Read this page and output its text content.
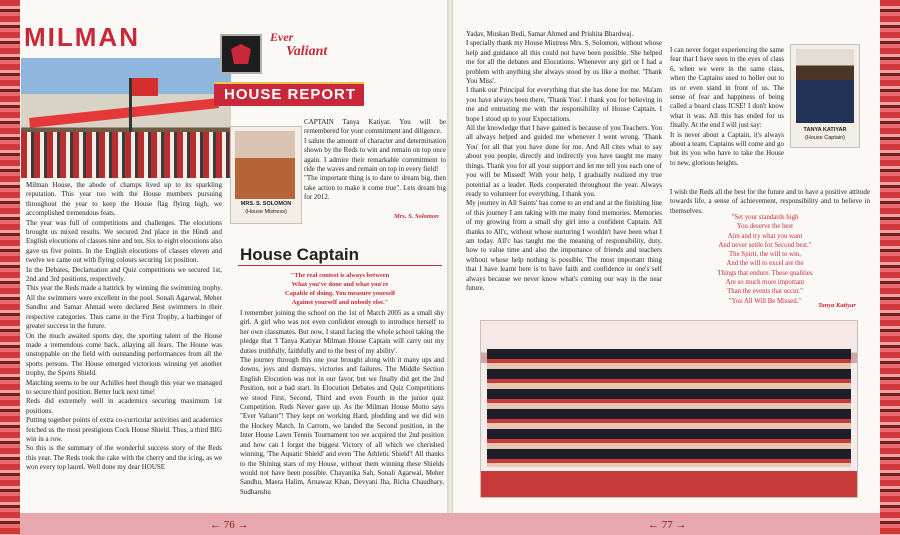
MILMAN	Ever
Valiant
HOUSE REPORT

Milman House, the abode of champs lived up to its sparkling reputation. This year too with the House members pursuing throughout the year to keep the House flag flying high, we accomplished tremendous feats.

The year was full of competitions and challenges. The elocutions brought us mixed results. We secured 2nd place in the Hindi and English elocutions of classes nine and ten. Six to eight elocutions also gave us five points. In the English elocutions of classes eleven and twelve we came out with flying colours securing 1st position.

In the Debates, Declamation and Quiz competitions we secured 1st, 2nd and 3rd positions, respectively.

This year the Reds made a hattrick by winning the swimming trophy. All the swimmers were excellent in the pool. Sonali Agarwal, Meher Sandhu and Samar Ahmad were declared Best swimmers in their respective categories. Thus came in the First Trophy, a harbinger of greater success in the future.

On the much awaited sports day, the sporting talent of the House made a tremendous come back, allaying all fears. The House was unstoppable on the field with outstanding performances from all the sports persons. The House emerged victorious winning yet another trophy, the Sports Shield.

Matching seems to be our Achilles heel though this year we managed to secure third position. Better luck next time!

Reds did extremely well in academics securing maximum 1st positions.

Putting together points of extra co-curricular activities and academics fetched us the most prestigious Cock House Shield. Thus, a third BIG win in a row.

So this is the summary of the wonderful success story of the Reds this year. The Reds took the cake with the cherry and the icing, as we won every top laurel. Well done my dear HOUSE

MRS. S. SOLOMON
(House Mistress)

CAPTAIN Tanya Katiyar. You will be remembered for your commitment and diligence.

I salute the amount of character and determination shown by the Reds to win and remain on top once again. I admire their remarkable commitment to ride the waves and remain on top in every field!

"The important thing is to dare to dream big, then take action to make it come true". Lets dream big for 2012.

Mrs. S. Solomon
House Captain
"The real contest is always between
What you've done and what you're
Capable of doing. You measure yourself
Against yourself and nobody else."

I remember joining the school on the 1st of March 2005 as a small shy girl. A girl who was not even confident enough to introduce herself to her own classmates. But now, I stand facing the whole school taking the pledge that 'I Tanya Katiyar Milman House Captain will carry out my duties truthfully, faithfully and to the best of my ability'.

The journey through this one year brought along with it many ups and downs, joys and dismays, victories and failures. The Middle Section English Elocution was not in our favor, but we finally did get the 2nd Position, not a bad start. In Elocution Debates and Quiz Competitions we stood First, Second, Third and even Fourth in the junior quiz Competition. Reds Never gave up. As the Milman House Motto says "Ever Valiant"! They kept on working Hard, plodding and we did win the Hockey Match. In Carrom, we landed the Second position, in the Inter House Lawn Tennis Tournament too we acquired the 2nd position and how can I forget the biggest Victory of all which we cherished winning, 'The Aquatic Shield' and even 'The Athletic Shield'! All thanks to the Shining stars of my House, without them winning these Shields would not have been possible. Chayanika Sah, Sonali Agarwal, Meher Sandhu, Maera Halim, Arnawaz Khan, Devyani Jha, Richa Chaudhary, Sudhanshu

Yadav, Muskan Bedi, Samar Ahmed and Prishita Bhardwaj.

I specially thank my House Mistress Mrs. S. Solomon, without whose help and guidance all this could not have been possible. She helped me for all the debates and Elocutions. Whenever any girl or I had a problem with anything she always stood by us like a mother. 'Thank You Miss'.

I thank our Principal for everything that she has done for me. Ma'am you have always been there, 'Thank You'. I thank you for believing in me and entrusting me with the responsibility of House Captain. I hope I stood up to your Expectations.

All the knowledge that I have gained is because of you Teachers. You all always helped and guided me whenever I went wrong. 'Thank You' for all that you have done for me. And All cites what to say about you people, directly and indirectly you have taught me many things. Thank you for all your support and let me tell you each one of you will be Missed! With your help, I gradually realized my true potential as a leader. Reds cooperated throughout the year. Always ready to volunteer for everything. I thank you.

My journey in All Saints' has come to an end and at the finishing line of this journey I am taking with me many fond memories. Memories of my growing from a small shy girl into a confident Captain. All thanks to All'c, without whose nurturing I wouldn't have been what I am today. All'c has taught me the meaning of responsibility, duty, how to value time and also the importance of friends and teachers without whose help nothing is possible. The most important thing that I have learnt here is to have faith and confidence in one's self always because we never know what's coming our way in the near future.

I can never forget experiencing the same fear that I have seen in the eyes of class 6, when we were in the same class, when the Captains used to holler out to us or even stand in front of us. The sense of fear and happiness of being called a board class ICSE! I don't know what it was. All this has ended for us finally. At the end I will just say:

It is never about a Captain, it's always about a team. Captains will come and go but its you who have to take the House to new, glorious heights.

I wish the Reds all the best for the future and to have a positive attitude towards life, a sense of achievement, responsibility and to believe in themselves.

TANYA KATIYAR
(House Captain)
"Set your standards high
You deserve the best
Aim and try what you want
And never settle for Second best."
The Spirit, the will to win,
And the will to excel are the
Things that endure. These qualities
Are so much more important
Than the events that occur."
"You All Will Be Missed."
Tanya Katiyar
← 76 →	← 77 →
